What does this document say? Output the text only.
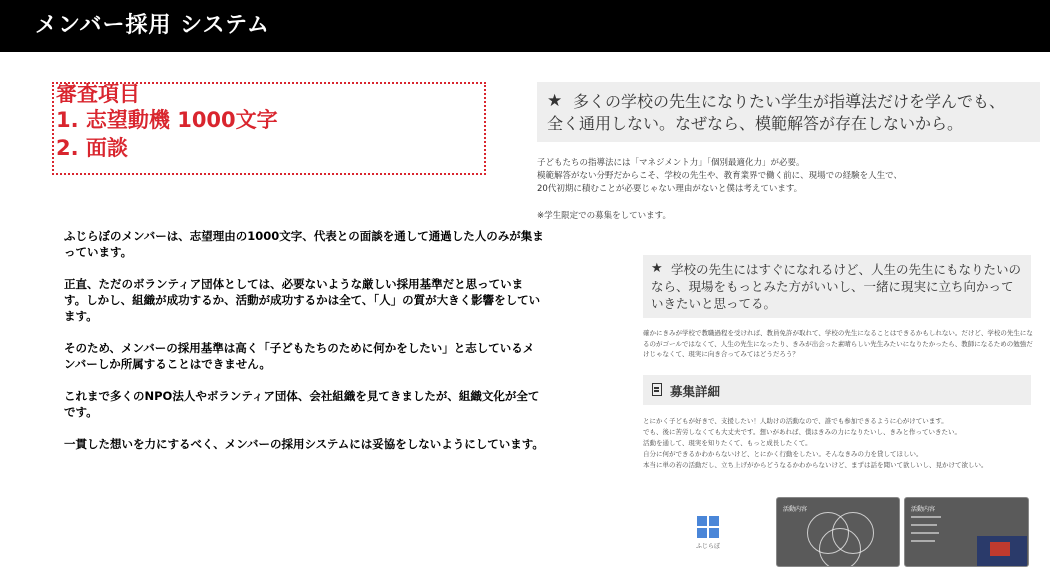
メンバー採用 システム
審査項目
1. 志望動機 1000文字
2. 面談

ふじらぼのメンバーは、志望理由の1000文字、代表との面談を通して通過した人のみが集まっています。

正直、ただのボランティア団体としては、必要ないような厳しい採用基準だと思っています。しかし、組織が成功するか、活動が成功するかは全て、「人」の質が大きく影響をしています。

そのため、メンバーの採用基準は高く「子どもたちのために何かをしたい」と志しているメンバーしか所属することはできません。

これまで多くのNPO法人やボランティア団体、会社組織を見てきましたが、組織文化が全てです。

一貫した想いを力にするべく、メンバーの採用システムには妥協をしないようにしています。

★ 多くの学校の先生になりたい学生が指導法だけを学んでも、
全く通用しない。なぜなら、模範解答が存在しないから。

子どもたちの指導法には「マネジメント力」「個別最適化力」が必要。

模範解答がない分野だからこそ、学校の先生や、教育業界で働く前に、現場での経験を人生で、

20代初期に積むことが必要じゃない理由がないと僕は考えています。

※学生限定での募集をしています。

★ 学校の先生にはすぐになれるけど、人生の先生にもなりたいのなら、現場をもっとみた方がいいし、一緒に現実に立ち向かっていきたいと思ってる。
確かにきみが学校で教職過程を受ければ、教員免許が取れて、学校の先生になることはできるかもしれない。だけど、学校の先生になるのがゴールではなくて、人生の先生になったり、きみが出会った素晴らしい先生みたいになりたかったら、教師になるための勉強だけじゃなくて、現実に向き合ってみてはどうだろう？
募集詳細

とにかく子どもが好きで、支援したい！人助けの活動なので、誰でも参加できるように心がけています。

でも、後に苦労しなくても大丈夫です。想いがあれば、僕はきみの力になりたいし、きみと作っていきたい。

活動を通して、現実を知りたくて、もっと成長したくて。

自分に何ができるかわからないけど、とにかく行動をしたい。そんなきみの力を貸してほしい。

本当に単の若の活動だし、立ち上げがからどうなるかわからないけど、まずは話を聞いて欲しいし、見かけて欲しい。

ふじらぼ
活動内容	活動内容
